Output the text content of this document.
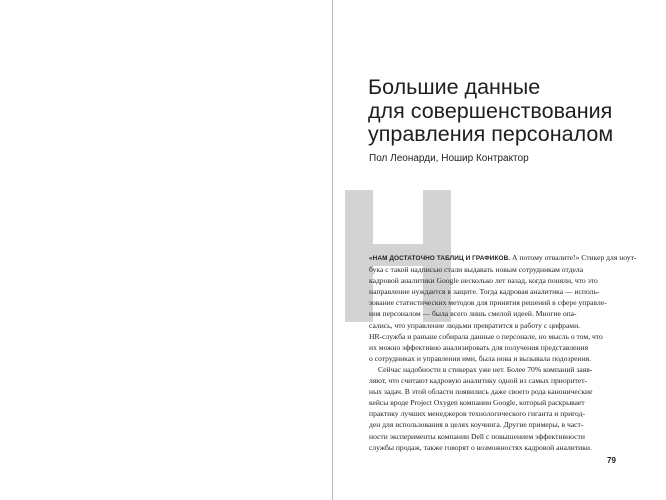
Большие данные
для совершенствования
управления персоналом
Пол Леонарди, Ношир Контрактор
«НАМ ДОСТАТОЧНО ТАБЛИЦ И ГРАФИКОВ. А потому отвалите!» Стикер для ноут-
бука с такой надписью стали выдавать новым сотрудникам отдела
кадровой аналитики Google несколько лет назад, когда поняли, что это
направление нуждается в защите. Тогда кадровая аналитика — исполь-
зование статистических методов для принятия решений в сфере управле-
ния персоналом — была всего лишь смелой идеей. Многие опа-
сались, что управление людьми превратится в работу с цифрами.
HR-служба и раньше собирала данные о персонале, но мысль о том, что
их можно эффективно анализировать для получения представления
о сотрудниках и управления ими, была нова и вызывала подозрения.
Сейчас надобности в стикерах уже нет. Более 70% компаний заяв-
ляют, что считают кадровую аналитику одной из самых приоритет-
ных задач. В этой области появились даже своего рода канонические
кейсы вроде Project Oxygen компании Google, который раскрывает
практику лучших менеджеров технологического гиганта и пригод-
ден для использования в целях коучинга. Другие примеры, в част-
ности эксперименты компании Dell с повышением эффективности
службы продаж, также говорят о возможностях кадровой аналитики.
79
